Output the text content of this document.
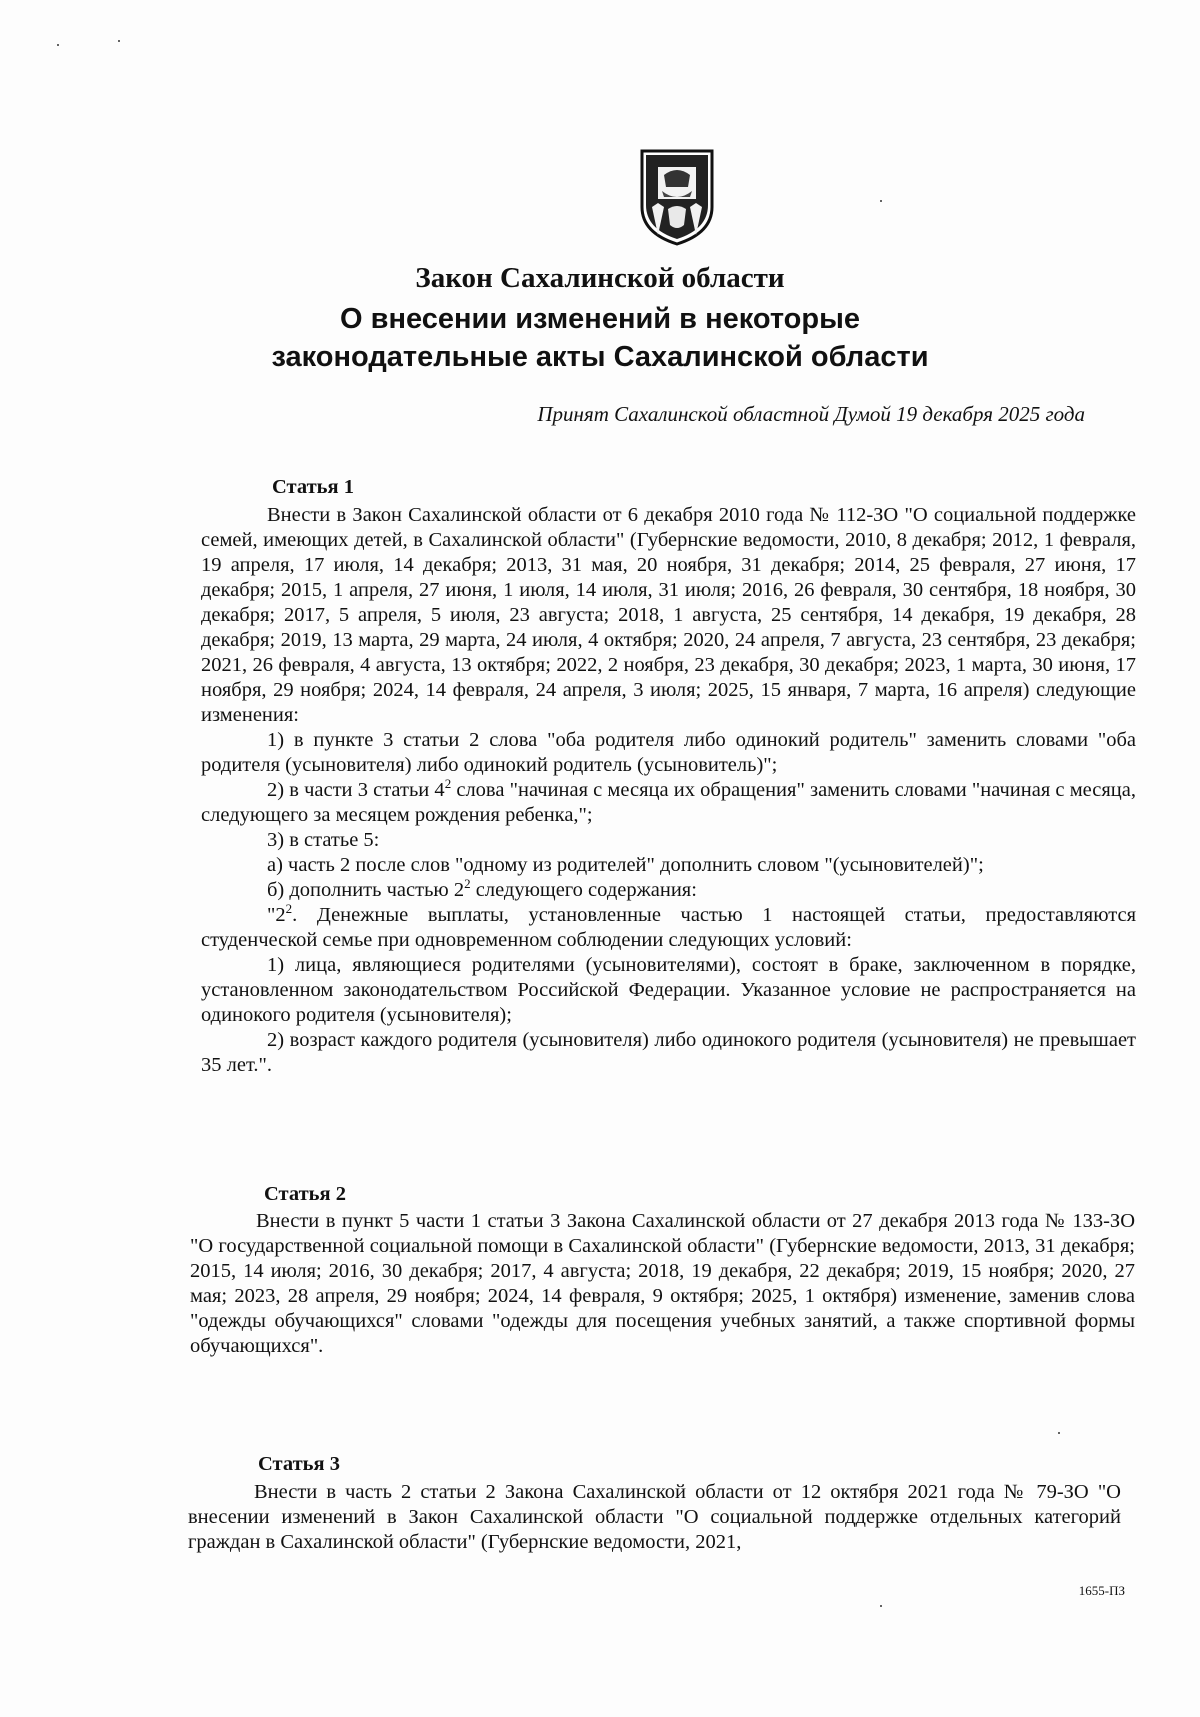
Закон Сахалинской области
О внесении изменений в некоторые
законодательные акты Сахалинской области
Принят Сахалинской областной Думой 19 декабря 2025 года
Статья 1

Внести в Закон Сахалинской области от 6 декабря 2010 года № 112-ЗО "О социальной поддержке семей, имеющих детей, в Сахалинской области" (Губернские ведомости, 2010, 8 декабря; 2012, 1 февраля, 19 апреля, 17 июля, 14 декабря; 2013, 31 мая, 20 ноября, 31 декабря; 2014, 25 февраля, 27 июня, 17 декабря; 2015, 1 апреля, 27 июня, 1 июля, 14 июля, 31 июля; 2016, 26 февраля, 30 сентября, 18 ноября, 30 декабря; 2017, 5 апреля, 5 июля, 23 августа; 2018, 1 августа, 25 сентября, 14 декабря, 19 декабря, 28 декабря; 2019, 13 марта, 29 марта, 24 июля, 4 октября; 2020, 24 апреля, 7 августа, 23 сентября, 23 декабря; 2021, 26 февраля, 4 августа, 13 октября; 2022, 2 ноября, 23 декабря, 30 декабря; 2023, 1 марта, 30 июня, 17 ноября, 29 ноября; 2024, 14 февраля, 24 апреля, 3 июля; 2025, 15 января, 7 марта, 16 апреля) следующие изменения:

1) в пункте 3 статьи 2 слова "оба родителя либо одинокий родитель" заменить словами "оба родителя (усыновителя) либо одинокий родитель (усыновитель)";

2) в части 3 статьи $4^2$ слова "начиная с месяца их обращения" заменить словами "начиная с месяца, следующего за месяцем рождения ребенка,";

3) в статье 5:

а) часть 2 после слов "одному из родителей" дополнить словом "(усыновителей)";

б) дополнить частью $2^2$ следующего содержания:

"$2^2$. Денежные выплаты, установленные частью 1 настоящей статьи, предоставляются студенческой семье при одновременном соблюдении следующих условий:

1) лица, являющиеся родителями (усыновителями), состоят в браке, заключенном в порядке, установленном законодательством Российской Федерации. Указанное условие не распространяется на одинокого родителя (усыновителя);

2) возраст каждого родителя (усыновителя) либо одинокого родителя (усыновителя) не превышает 35 лет.".

Статья 2

Внести в пункт 5 части 1 статьи 3 Закона Сахалинской области от 27 декабря 2013 года № 133-ЗО "О государственной социальной помощи в Сахалинской области" (Губернские ведомости, 2013, 31 декабря; 2015, 14 июля; 2016, 30 декабря; 2017, 4 августа; 2018, 19 декабря, 22 декабря; 2019, 15 ноября; 2020, 27 мая; 2023, 28 апреля, 29 ноября; 2024, 14 февраля, 9 октября; 2025, 1 октября) изменение, заменив слова "одежды обучающихся" словами "одежды для посещения учебных занятий, а также спортивной формы обучающихся".

Статья 3

Внести в часть 2 статьи 2 Закона Сахалинской области от 12 октября 2021 года № 79-ЗО "О внесении изменений в Закон Сахалинской области "О социальной поддержке отдельных категорий граждан в Сахалинской области" (Губернские ведомости, 2021,

1655-ПЗ
